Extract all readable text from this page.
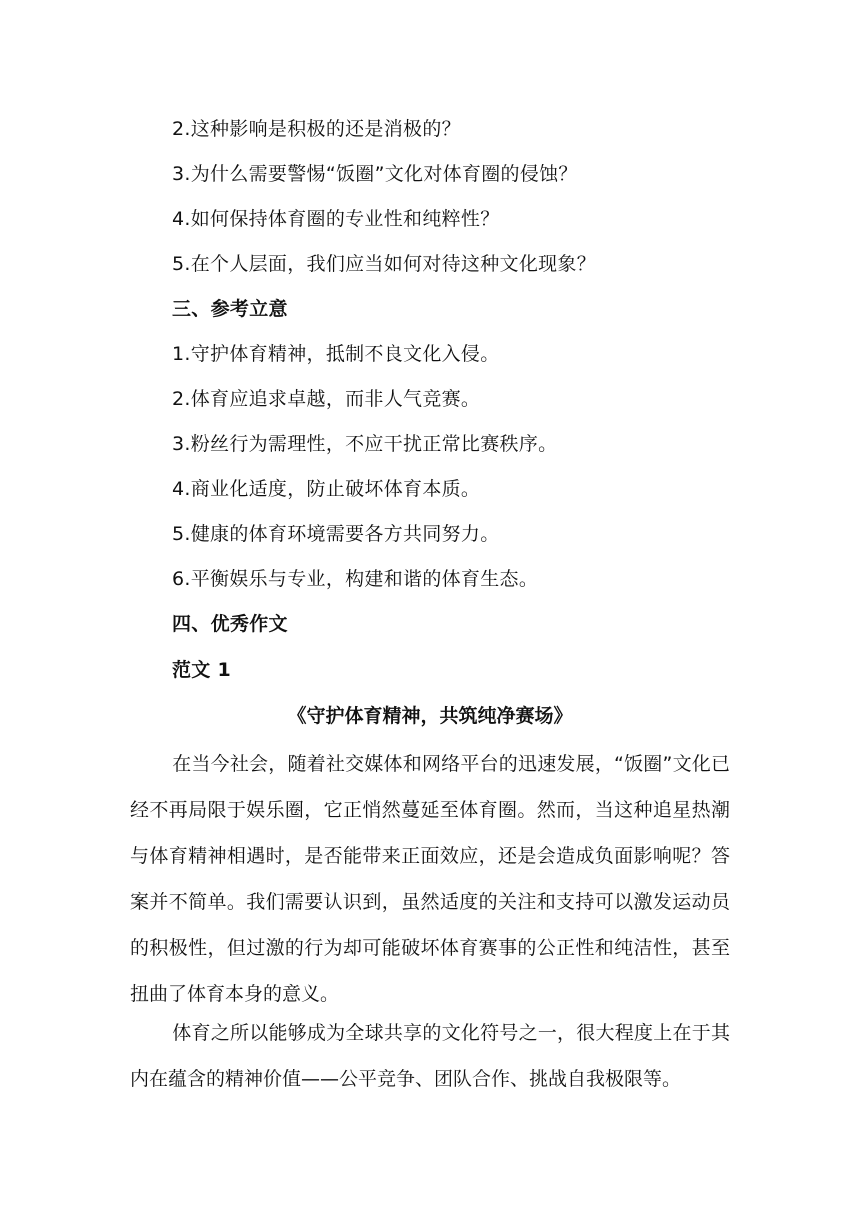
2.这种影响是积极的还是消极的？
3.为什么需要警惕“饭圈”文化对体育圈的侵蚀？
4.如何保持体育圈的专业性和纯粹性？
5.在个人层面，我们应当如何对待这种文化现象？
三、参考立意
1.守护体育精神，抵制不良文化入侵。
2.体育应追求卓越，而非人气竞赛。
3.粉丝行为需理性，不应干扰正常比赛秩序。
4.商业化适度，防止破坏体育本质。
5.健康的体育环境需要各方共同努力。
6.平衡娱乐与专业，构建和谐的体育生态。
四、优秀作文
范文 1
《守护体育精神，共筑纯净赛场》

在当今社会，随着社交媒体和网络平台的迅速发展，“饭圈”文化已经不再局限于娱乐圈，它正悄然蔓延至体育圈。然而，当这种追星热潮与体育精神相遇时，是否能带来正面效应，还是会造成负面影响呢？答案并不简单。我们需要认识到，虽然适度的关注和支持可以激发运动员的积极性，但过激的行为却可能破坏体育赛事的公正性和纯洁性，甚至扭曲了体育本身的意义。

体育之所以能够成为全球共享的文化符号之一，很大程度上在于其内在蕴含的精神价值——公平竞争、团队合作、挑战自我极限等。
